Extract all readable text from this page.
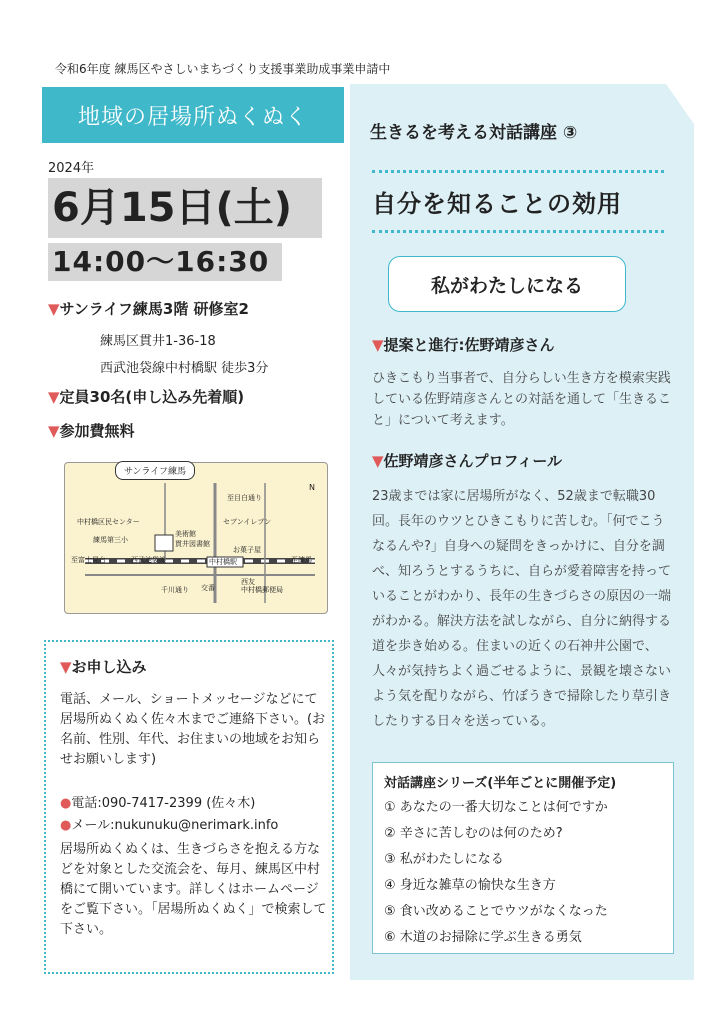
令和6年度 練馬区やさしいまちづくり支援事業助成事業申請中
地域の居場所ぬくぬく
2024年
6月15日(土)
14:00〜16:30
▼サンライフ練馬3階 研修室2
練馬区貫井1-36-18
西武池袋線中村橋駅 徒歩3分
▼定員30名(申し込み先着順)
▼参加費無料
サンライフ練馬
至目白通り
中村橋区民センター	セブンイレブン
練馬第三小
美術館
貫井図書館
お菓子屋
西友
中村橋駅
西武池袋線	至練馬
至富士見台
千川通り 交番	中村橋郵便局
N
▼お申し込み
電話、メール、ショートメッセージなどにて居場所ぬくぬく佐々木までご連絡下さい。(お名前、性別、年代、お住まいの地域をお知らせお願いします)
●電話:090-7417-2399 (佐々木)
●メール:nukunuku@nerimark.info
居場所ぬくぬくは、生きづらさを抱える方などを対象とした交流会を、毎月、練馬区中村橋にて開いています。詳しくはホームページをご覧下さい。「居場所ぬくぬく」で検索して下さい。
生きるを考える対話講座 ③
自分を知ることの効用
私がわたしになる
▼提案と進行:佐野靖彦さん
ひきこもり当事者で、自分らしい生き方を模索実践している佐野靖彦さんとの対話を通して「生きること」について考えます。
▼佐野靖彦さんプロフィール
23歳までは家に居場所がなく、52歳まで転職30回。長年のウツとひきこもりに苦しむ。「何でこうなるんや?」自身への疑問をきっかけに、自分を調べ、知ろうとするうちに、自らが愛着障害を持っていることがわかり、長年の生きづらさの原因の一端がわかる。解決方法を試しながら、自分に納得する道を歩き始める。住まいの近くの石神井公園で、人々が気持ちよく過ごせるように、景観を壊さないよう気を配りながら、竹ぼうきで掃除したり草引きしたりする日々を送っている。
対話講座シリーズ(半年ごとに開催予定)
① あなたの一番大切なことは何ですか
② 辛さに苦しむのは何のため?
③ 私がわたしになる
④ 身近な雑草の愉快な生き方
⑤ 食い改めることでウツがなくなった
⑥ 木道のお掃除に学ぶ生きる勇気
